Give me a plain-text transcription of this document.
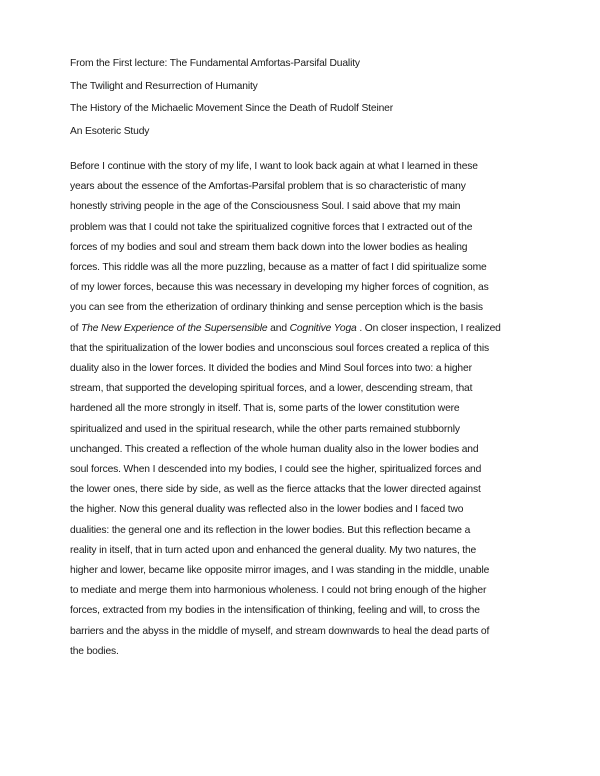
From the First lecture: The Fundamental Amfortas-Parsifal Duality
The Twilight and Resurrection of Humanity
The History of the Michaelic Movement Since the Death of Rudolf Steiner
An Esoteric Study

Before I continue with the story of my life, I want to look back again at what I learned in these
years about the essence of the Amfortas-Parsifal problem that is so characteristic of many
honestly striving people in the age of the Consciousness Soul. I said above that my main
problem was that I could not take the spiritualized cognitive forces that I extracted out of the
forces of my bodies and soul and stream them back down into the lower bodies as healing
forces. This riddle was all the more puzzling, because as a matter of fact I did spiritualize some
of my lower forces, because this was necessary in developing my higher forces of cognition, as
you can see from the etherization of ordinary thinking and sense perception which is the basis
of The New Experience of the Supersensible and Cognitive Yoga . On closer inspection, I realized
that the spiritualization of the lower bodies and unconscious soul forces created a replica of this
duality also in the lower forces. It divided the bodies and Mind Soul forces into two: a higher
stream, that supported the developing spiritual forces, and a lower, descending stream, that
hardened all the more strongly in itself. That is, some parts of the lower constitution were
spiritualized and used in the spiritual research, while the other parts remained stubbornly
unchanged. This created a reflection of the whole human duality also in the lower bodies and
soul forces. When I descended into my bodies, I could see the higher, spiritualized forces and
the lower ones, there side by side, as well as the fierce attacks that the lower directed against
the higher. Now this general duality was reflected also in the lower bodies and I faced two
dualities: the general one and its reflection in the lower bodies. But this reflection became a
reality in itself, that in turn acted upon and enhanced the general duality. My two natures, the
higher and lower, became like opposite mirror images, and I was standing in the middle, unable
to mediate and merge them into harmonious wholeness. I could not bring enough of the higher
forces, extracted from my bodies in the intensification of thinking, feeling and will, to cross the
barriers and the abyss in the middle of myself, and stream downwards to heal the dead parts of
the bodies.
